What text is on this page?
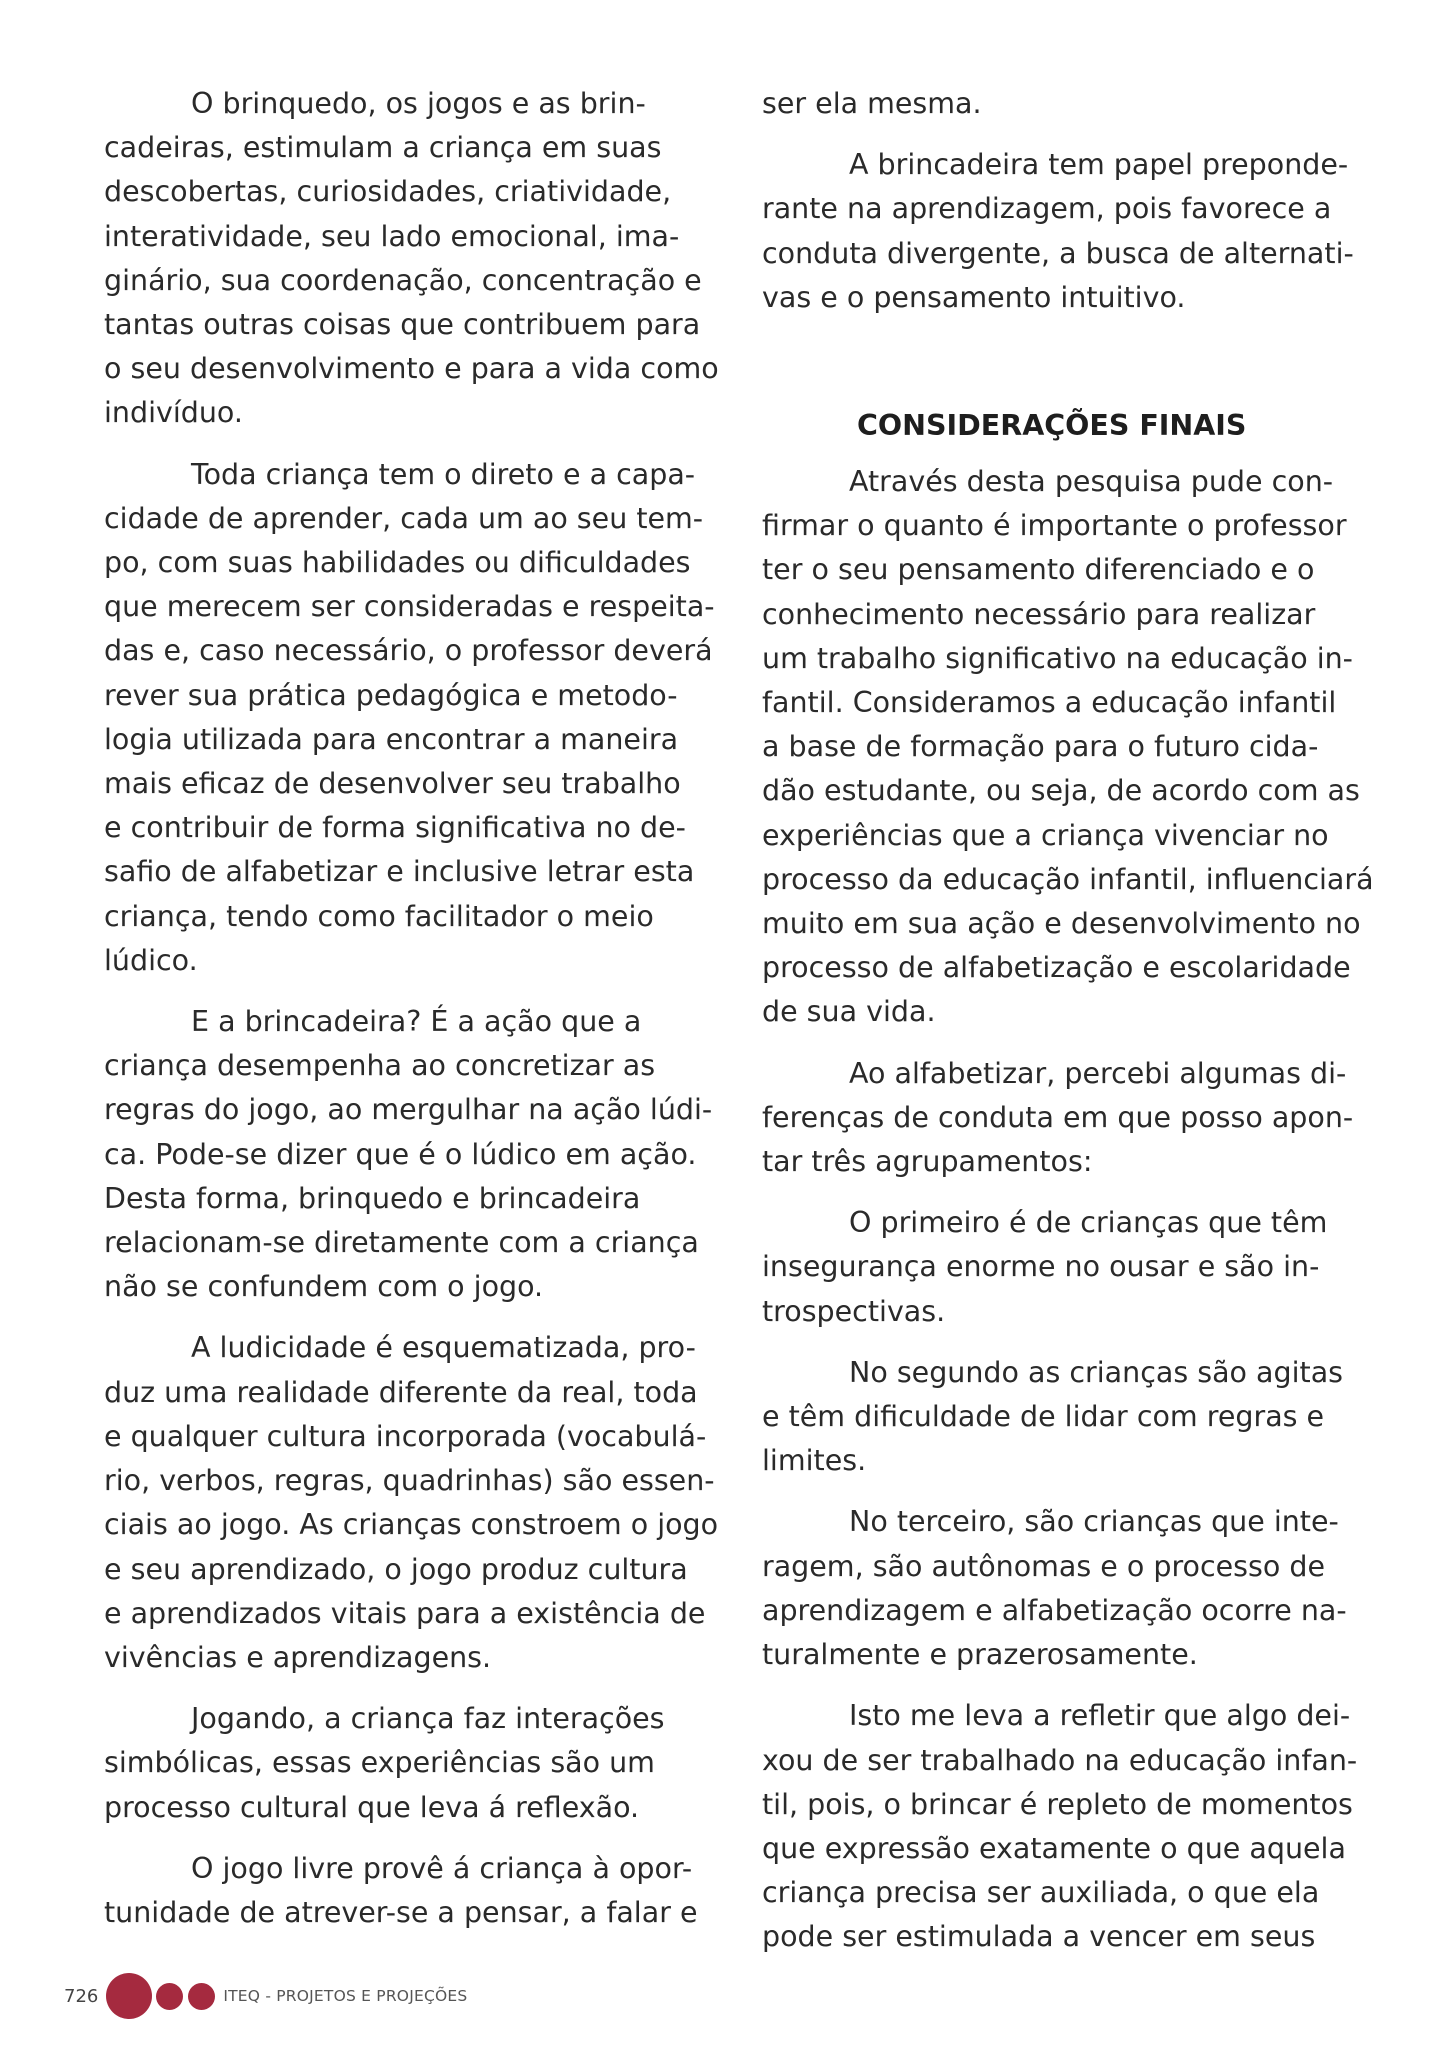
O brinquedo, os jogos e as brin-
cadeiras, estimulam a criança em suas
descobertas, curiosidades, criatividade,
interatividade, seu lado emocional, ima-
ginário, sua coordenação, concentração e
tantas outras coisas que contribuem para
o seu desenvolvimento e para a vida como
indivíduo.

Toda criança tem o direto e a capa-
cidade de aprender, cada um ao seu tem-
po, com suas habilidades ou dificuldades
que merecem ser consideradas e respeita-
das e, caso necessário, o professor deverá
rever sua prática pedagógica e metodo-
logia utilizada para encontrar a maneira
mais eficaz de desenvolver seu trabalho
e contribuir de forma significativa no de-
safio de alfabetizar e inclusive letrar esta
criança, tendo como facilitador o meio
lúdico.

E a brincadeira? É a ação que a
criança desempenha ao concretizar as
regras do jogo, ao mergulhar na ação lúdi-
ca. Pode-se dizer que é o lúdico em ação.
Desta forma, brinquedo e brincadeira
relacionam-se diretamente com a criança
não se confundem com o jogo.

A ludicidade é esquematizada, pro-
duz uma realidade diferente da real, toda
e qualquer cultura incorporada (vocabulá-
rio, verbos, regras, quadrinhas) são essen-
ciais ao jogo. As crianças constroem o jogo
e seu aprendizado, o jogo produz cultura
e aprendizados vitais para a existência de
vivências e aprendizagens.

Jogando, a criança faz interações
simbólicas, essas experiências são um
processo cultural que leva á reflexão.

O jogo livre provê á criança à opor-
tunidade de atrever-se a pensar, a falar e

ser ela mesma.

A brincadeira tem papel preponde-
rante na aprendizagem, pois favorece a
conduta divergente, a busca de alternati-
vas e o pensamento intuitivo.

CONSIDERAÇÕES FINAIS

Através desta pesquisa pude con-
firmar o quanto é importante o professor
ter o seu pensamento diferenciado e o
conhecimento necessário para realizar
um trabalho significativo na educação in-
fantil. Consideramos a educação infantil
a base de formação para o futuro cida-
dão estudante, ou seja, de acordo com as
experiências que a criança vivenciar no
processo da educação infantil, influenciará
muito em sua ação e desenvolvimento no
processo de alfabetização e escolaridade
de sua vida.

Ao alfabetizar, percebi algumas di-
ferenças de conduta em que posso apon-
tar três agrupamentos:

O primeiro é de crianças que têm
insegurança enorme no ousar e são in-
trospectivas.

No segundo as crianças são agitas
e têm dificuldade de lidar com regras e
limites.

No terceiro, são crianças que inte-
ragem, são autônomas e o processo de
aprendizagem e alfabetização ocorre na-
turalmente e prazerosamente.

Isto me leva a refletir que algo dei-
xou de ser trabalhado na educação infan-
til, pois, o brincar é repleto de momentos
que expressão exatamente o que aquela
criança precisa ser auxiliada, o que ela
pode ser estimulada a vencer em seus

726	ITEQ - PROJETOS E PROJEÇÕES
